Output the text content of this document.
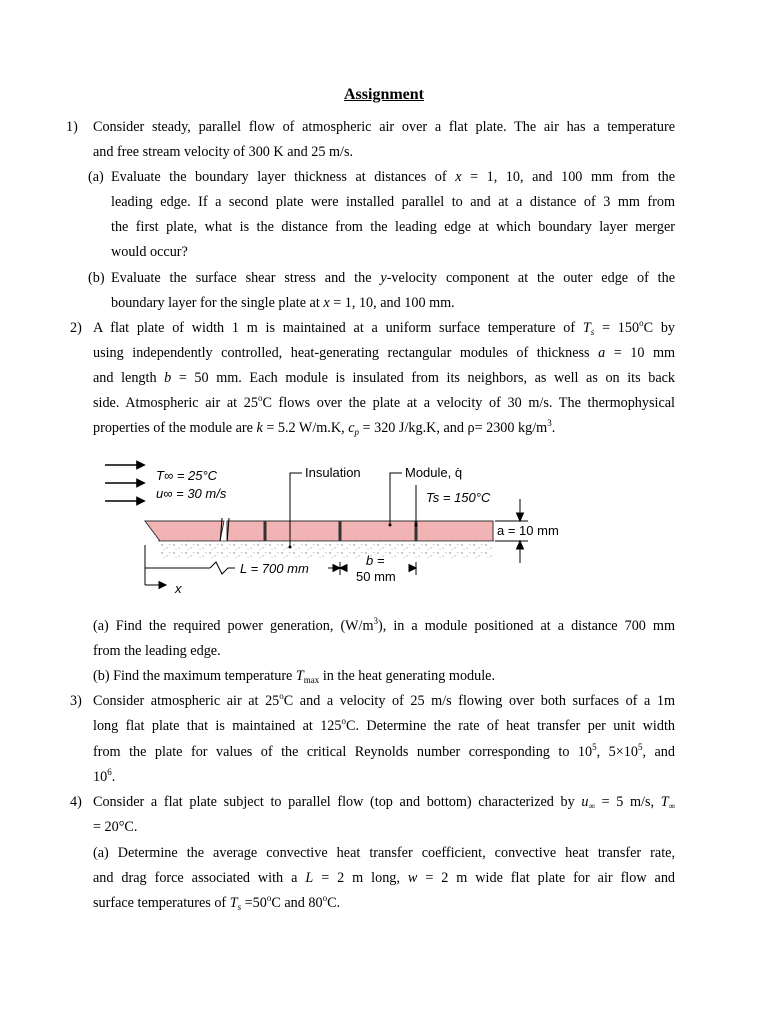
Assignment
1) Consider steady, parallel flow of atmospheric air over a flat plate. The air has a temperature
and free stream velocity of 300 K and 25 m/s.
(a) Evaluate the boundary layer thickness at distances of x = 1, 10, and 100 mm from the
leading edge. If a second plate were installed parallel to and at a distance of 3 mm from
the first plate, what is the distance from the leading edge at which boundary layer merger
would occur?
(b) Evaluate the surface shear stress and the y-velocity component at the outer edge of the
boundary layer for the single plate at x = 1, 10, and 100 mm.
2) A flat plate of width 1 m is maintained at a uniform surface temperature of $T_s = 150^oC$ by
using independently controlled, heat-generating rectangular modules of thickness a = 10 mm
and length b = 50 mm. Each module is insulated from its neighbors, as well as on its back
side. Atmospheric air at 25$^o$C flows over the plate at a velocity of 30 m/s. The thermophysical
properties of the module are k = 5.2 W/m.K, $c_p = 320$ J/kg.K, and ρ= 2300 $kg/m^3$.
T∞ = 25°C
u∞ = 30 m/s
Insulation	Module, q̇
Ts = 150°C
a = 10 mm
L = 700 mm
b =
50 mm
x
(a) Find the required power generation, $(W/m^3)$, in a module positioned at a distance 700 mm
from the leading edge.
(b) Find the maximum temperature $T_{max}$ in the heat generating module.
3) Consider atmospheric air at 25$^o$C and a velocity of 25 m/s flowing over both surfaces of a 1m
long flat plate that is maintained at 125$^o$C. Determine the rate of heat transfer per unit width
from the plate for values of the critical Reynolds number corresponding to $10^5$, $5\times 10^5$, and
$10^6$.
4) Consider a flat plate subject to parallel flow (top and bottom) characterized by $u_\infty = 5$ m/s, $T_\infty$
= 20°C.
(a) Determine the average convective heat transfer coefficient, convective heat transfer rate,
and drag force associated with a L = 2 m long, w = 2 m wide flat plate for air flow and
surface temperatures of $T_s =50^oC$ and 80$^o$C.
